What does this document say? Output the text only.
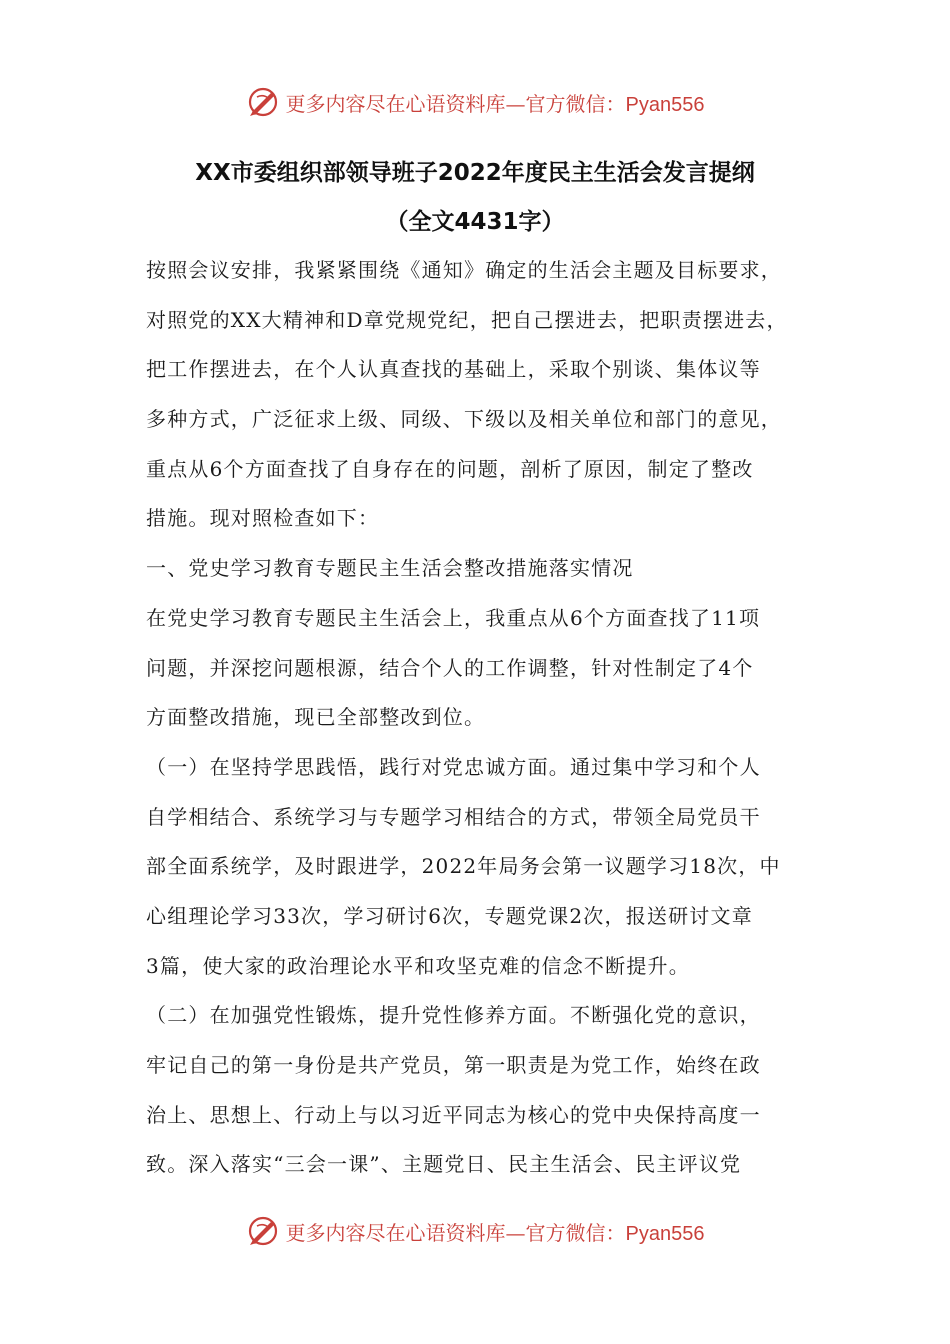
更多内容尽在心语资料库—官方微信：Pyan556
XX市委组织部领导班子2022年度民主生活会发言提纲
（全文4431字）
按照会议安排，我紧紧围绕《通知》确定的生活会主题及目标要求，
对照党的XX大精神和D章党规党纪，把自己摆进去，把职责摆进去，
把工作摆进去，在个人认真查找的基础上，采取个别谈、集体议等
多种方式，广泛征求上级、同级、下级以及相关单位和部门的意见，
重点从6个方面查找了自身存在的问题，剖析了原因，制定了整改
措施。现对照检查如下：
一、党史学习教育专题民主生活会整改措施落实情况
在党史学习教育专题民主生活会上，我重点从6个方面查找了11项
问题，并深挖问题根源，结合个人的工作调整，针对性制定了4个
方面整改措施，现已全部整改到位。
（一）在坚持学思践悟，践行对党忠诚方面。通过集中学习和个人
自学相结合、系统学习与专题学习相结合的方式，带领全局党员干
部全面系统学，及时跟进学，2022年局务会第一议题学习18次，中
心组理论学习33次，学习研讨6次，专题党课2次，报送研讨文章
3篇，使大家的政治理论水平和攻坚克难的信念不断提升。
（二）在加强党性锻炼，提升党性修养方面。不断强化党的意识，
牢记自己的第一身份是共产党员，第一职责是为党工作，始终在政
治上、思想上、行动上与以习近平同志为核心的党中央保持高度一
致。深入落实“三会一课”、主题党日、民主生活会、民主评议党
更多内容尽在心语资料库—官方微信：Pyan556
